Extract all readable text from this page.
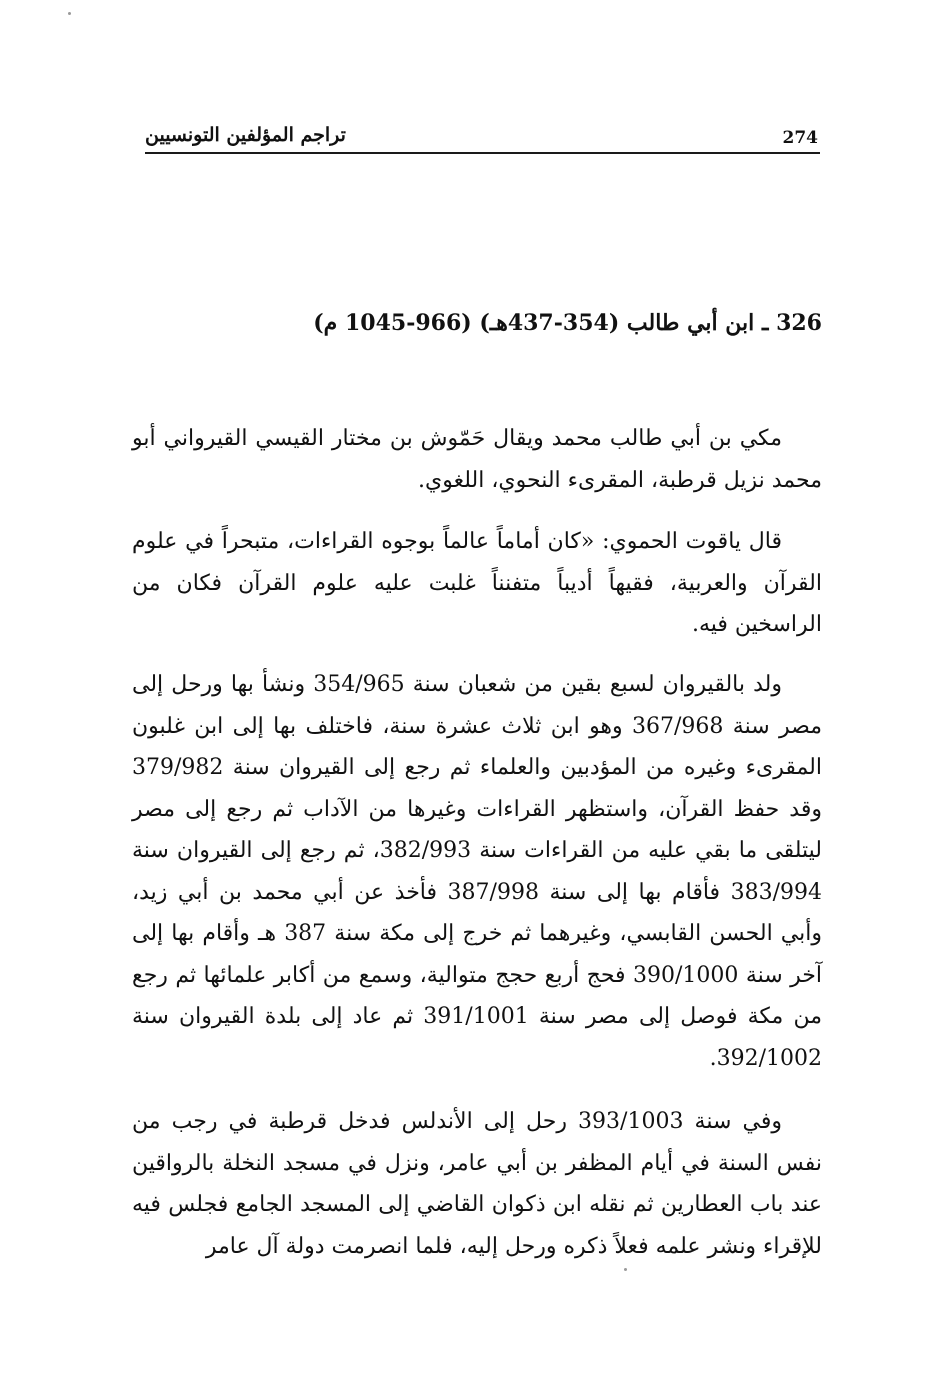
274
تراجم المؤلفين التونسيين
326 ـ ابن أبي طالب (354-437هـ) (966-1045 م)

مكي بن أبي طالب محمد ويقال حَمّوش بن مختار القيسي القيرواني أبو محمد نزيل قرطبة، المقرىء النحوي، اللغوي.

قال ياقوت الحموي: «كان أماماً عالماً بوجوه القراءات، متبحراً في علوم القرآن والعربية، فقيهاً أديباً متفنناً غلبت عليه علوم القرآن فكان من الراسخين فيه.

ولد بالقيروان لسبع بقين من شعبان سنة 354/965 ونشأ بها ورحل إلى مصر سنة 367/968 وهو ابن ثلاث عشرة سنة، فاختلف بها إلى ابن غلبون المقرىء وغيره من المؤدبين والعلماء ثم رجع إلى القيروان سنة 379/982 وقد حفظ القرآن، واستظهر القراءات وغيرها من الآداب ثم رجع إلى مصر ليتلقى ما بقي عليه من القراءات سنة 382/993، ثم رجع إلى القيروان سنة 383/994 فأقام بها إلى سنة 387/998 فأخذ عن أبي محمد بن أبي زيد، وأبي الحسن القابسي، وغيرهما ثم خرج إلى مكة سنة 387 هـ وأقام بها إلى آخر سنة 390/1000 فحج أربع حجج متوالية، وسمع من أكابر علمائها ثم رجع من مكة فوصل إلى مصر سنة 391/1001 ثم عاد إلى بلدة القيروان سنة 392/1002.

وفي سنة 393/1003 رحل إلى الأندلس فدخل قرطبة في رجب من نفس السنة في أيام المظفر بن أبي عامر، ونزل في مسجد النخلة بالرواقين عند باب العطارين ثم نقله ابن ذكوان القاضي إلى المسجد الجامع فجلس فيه للإقراء ونشر علمه فعلاً ذكره ورحل إليه، فلما انصرمت دولة آل عامر
